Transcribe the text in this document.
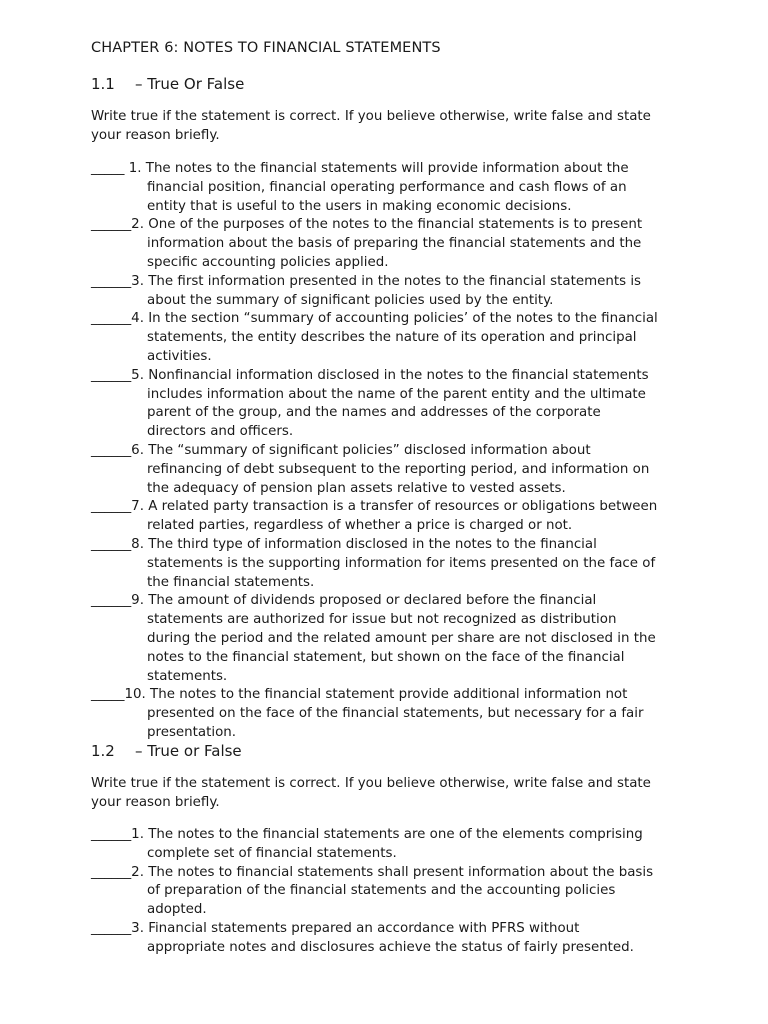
CHAPTER 6: NOTES TO FINANCIAL STATEMENTS
1.1 – True Or False
Write true if the statement is correct. If you believe otherwise, write false and state
your reason briefly.
_____ 1. The notes to the financial statements will provide information about the
financial position, financial operating performance and cash flows of an
entity that is useful to the users in making economic decisions.
______2. One of the purposes of the notes to the financial statements is to present
information about the basis of preparing the financial statements and the
specific accounting policies applied.
______3. The first information presented in the notes to the financial statements is
about the summary of significant policies used by the entity.
______4. In the section “summary of accounting policies’ of the notes to the financial
statements, the entity describes the nature of its operation and principal
activities.
______5. Nonfinancial information disclosed in the notes to the financial statements
includes information about the name of the parent entity and the ultimate
parent of the group, and the names and addresses of the corporate
directors and officers.
______6. The “summary of significant policies” disclosed information about
refinancing of debt subsequent to the reporting period, and information on
the adequacy of pension plan assets relative to vested assets.
______7. A related party transaction is a transfer of resources or obligations between
related parties, regardless of whether a price is charged or not.
______8. The third type of information disclosed in the notes to the financial
statements is the supporting information for items presented on the face of
the financial statements.
______9. The amount of dividends proposed or declared before the financial
statements are authorized for issue but not recognized as distribution
during the period and the related amount per share are not disclosed in the
notes to the financial statement, but shown on the face of the financial
statements.
_____10. The notes to the financial statement provide additional information not
presented on the face of the financial statements, but necessary for a fair
presentation.
1.2 – True or False
Write true if the statement is correct. If you believe otherwise, write false and state
your reason briefly.
______1. The notes to the financial statements are one of the elements comprising
complete set of financial statements.
______2. The notes to financial statements shall present information about the basis
of preparation of the financial statements and the accounting policies
adopted.
______3. Financial statements prepared an accordance with PFRS without
appropriate notes and disclosures achieve the status of fairly presented.
